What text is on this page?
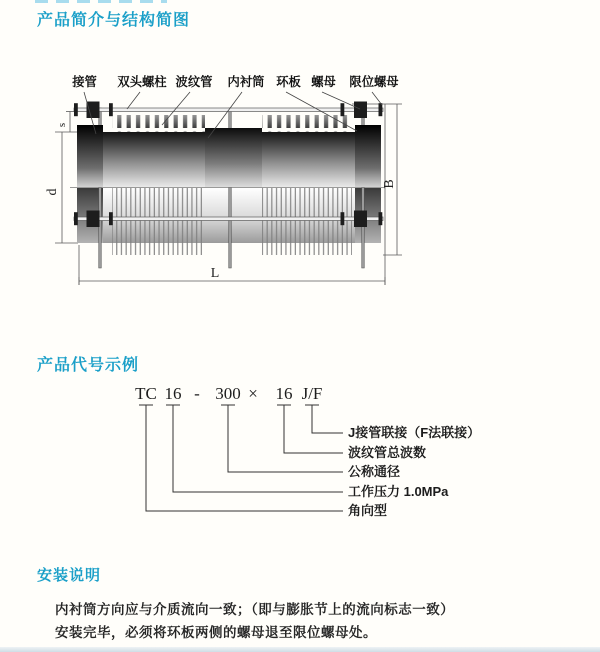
产品简介与结构简图
接管 双头螺柱 波纹管 内衬筒 环板 螺母 限位螺母
s
d
B
L
产品代号示例
TC 16 - 300 × 16 J/F
J接管联接（F法联接）
波纹管总波数
公称通径
工作压力 1.0MPa
角向型
安装说明
内衬筒方向应与介质流向一致；（即与膨胀节上的流向标志一致）
安装完毕，必须将环板两侧的螺母退至限位螺母处。
